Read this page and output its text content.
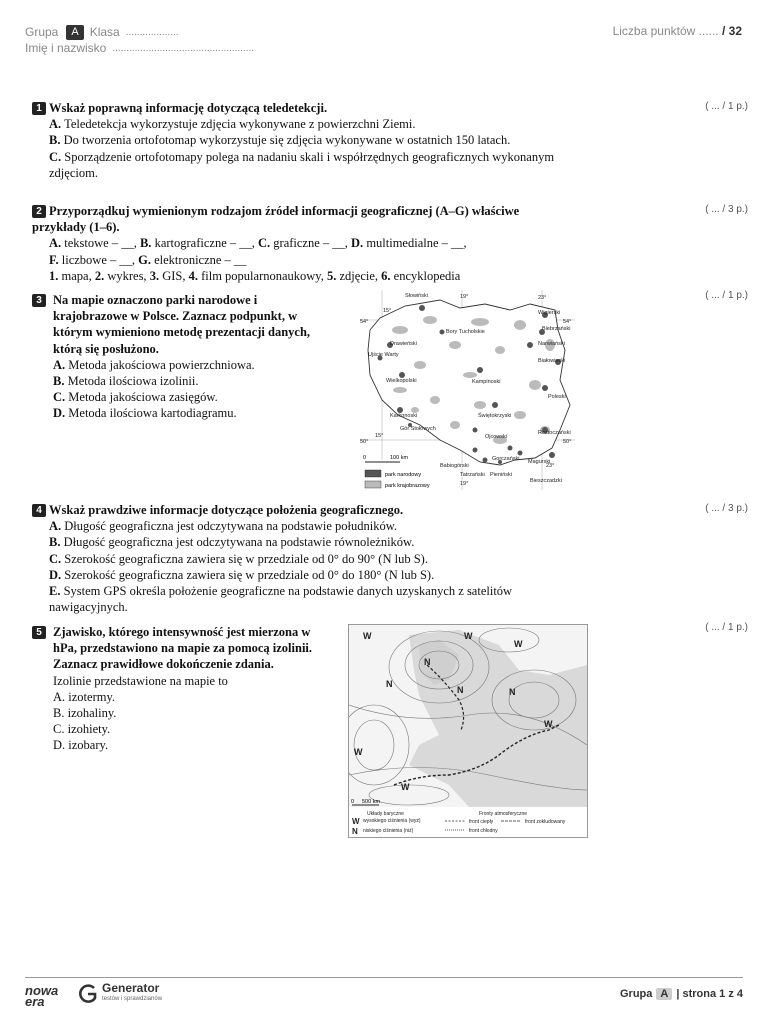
Grupa	A Klasa ...................
Imię i nazwisko ...................................................
Liczba punktów ...... / 32
1 Wskaż poprawną informację dotyczącą teledetekcji.
A. Teledetekcja wykorzystuje zdjęcia wykonywane z powierzchni Ziemi.
B. Do tworzenia ortofotomap wykorzystuje się zdjęcia wykonywane w ostatnich 150 latach.
C. Sporządzenie ortofotomapy polega na nadaniu skali i współrzędnych geograficznych wykonanym zdjęciom.
( ... / 1 p.)
2 Przyporządkuj wymienionym rodzajom źródeł informacji geograficznej (A–G) właściwe przykłady (1–6).
A. tekstowe – __, B. kartograficzne – __, C. graficzne – __, D. multimedialne – __,
F. liczbowe – __, G. elektroniczne – __
1. mapa, 2. wykres, 3. GIS, 4. film popularnonaukowy, 5. zdjęcie, 6. encyklopedia
( ... / 3 p.)
3 Na mapie oznaczono parki narodowe i krajobrazowe w Polsce. Zaznacz podpunkt, w którym wymieniono metodę prezentacji danych, którą się posłużono.
A. Metoda jakościowa powierzchniowa.
B. Metoda ilościowa izolinii.
C. Metoda jakościowa zasięgów.
D. Metoda ilościowa kartodiagramu.
( ... / 1 p.)
Słowiński
Wigierski
Biebrzański
Narwiański
Białowieski
Bory Tucholskie
Drawieński
Ujście Warty
Wielkopolski	Kampinoski
Poleski
Świętokrzyski
Karkonoski
Gór Stołowych
Ojcowski
Roztoczański
Gorczański Magurski
Babiogórski
Tatrzański Pieniński
Bieszczadzki
19°	23°
15°
54°	54°
50°
15°
50°
23°
19°
0	100 km
park narodowy
park krajobrazowy
4 Wskaż prawdziwe informacje dotyczące położenia geograficznego.
A. Długość geograficzna jest odczytywana na podstawie południków.
B. Długość geograficzna jest odczytywana na podstawie równoleżników.
C. Szerokość geograficzna zawiera się w przedziale od 0° do 90° (N lub S).
D. Szerokość geograficzna zawiera się w przedziale od 0° do 180° (N lub S).
E. System GPS określa położenie geograficzne na podstawie danych uzyskanych z satelitów nawigacyjnych.
( ... / 3 p.)
5 Zjawisko, którego intensywność jest mierzona w hPa, przedstawiono na mapie za pomocą izolinii. Zaznacz prawidłowe dokończenie zdania.
Izolinie przedstawione na mapie to
A. izotermy.
B. izohaliny.
C. izohiety.
D. izobary.
( ... / 1 p.)
W	W
W
N
N
N	N
W
W
W
0 500 km
Układy baryczne
W wysokiego ciśnienia (wyż)
N niskiego ciśnienia (niż)
Fronty atmosferyczne
front ciepły
front chłodny
front zokludowany
nowa
era
Generator
testów i sprawdzianów	Grupa A | strona 1 z 4
